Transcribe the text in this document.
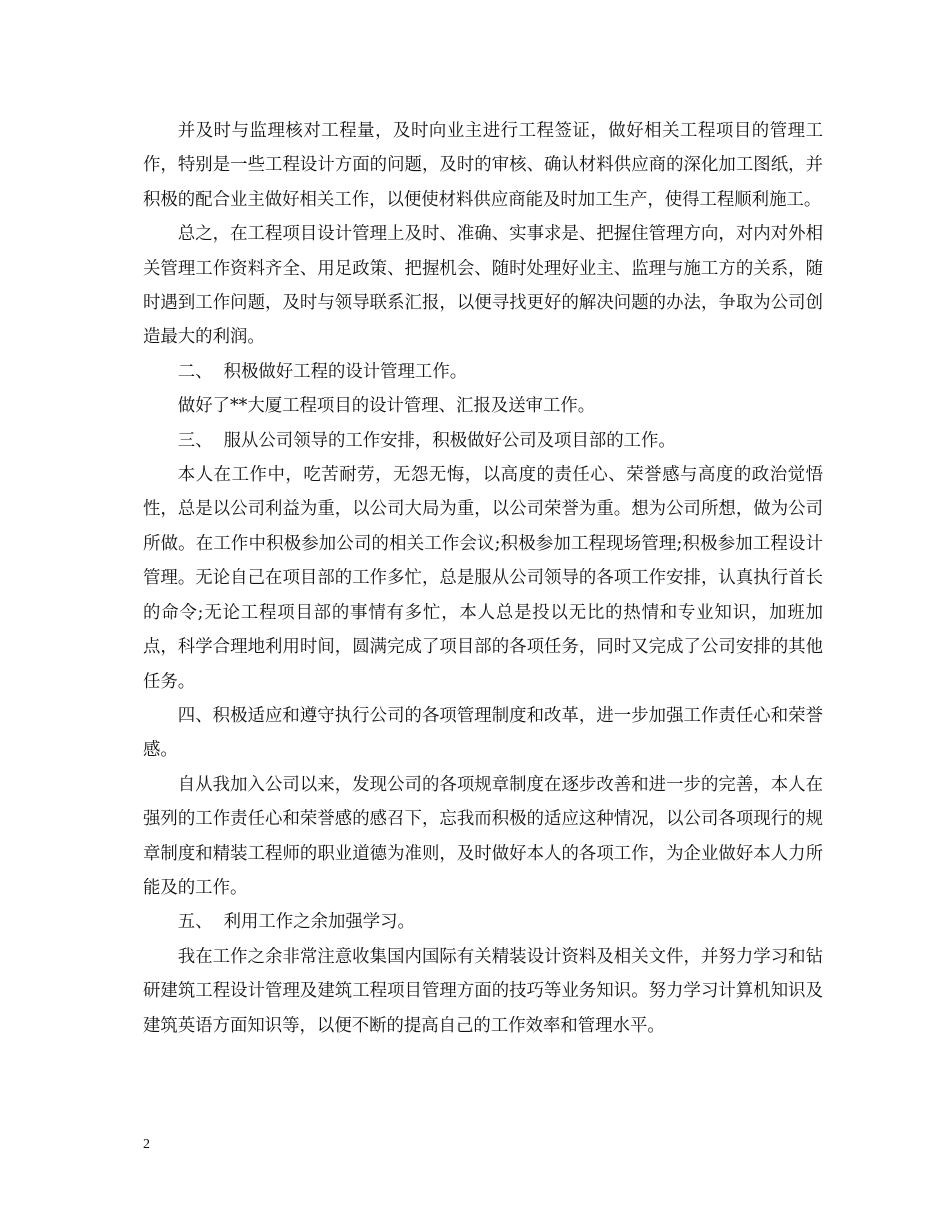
并及时与监理核对工程量，及时向业主进行工程签证，做好相关工程项目的管理工作，特别是一些工程设计方面的问题，及时的审核、确认材料供应商的深化加工图纸，并积极的配合业主做好相关工作，以便使材料供应商能及时加工生产，使得工程顺利施工。

总之，在工程项目设计管理上及时、准确、实事求是、把握住管理方向，对内对外相关管理工作资料齐全、用足政策、把握机会、随时处理好业主、监理与施工方的关系，随时遇到工作问题，及时与领导联系汇报，以便寻找更好的解决问题的办法，争取为公司创造最大的利润。

二、  积极做好工程的设计管理工作。

做好了**大厦工程项目的设计管理、汇报及送审工作。

三、  服从公司领导的工作安排，积极做好公司及项目部的工作。

本人在工作中，吃苦耐劳，无怨无悔，以高度的责任心、荣誉感与高度的政治觉悟性，总是以公司利益为重，以公司大局为重，以公司荣誉为重。想为公司所想，做为公司所做。在工作中积极参加公司的相关工作会议;积极参加工程现场管理;积极参加工程设计管理。无论自己在项目部的工作多忙，总是服从公司领导的各项工作安排，认真执行首长的命令;无论工程项目部的事情有多忙，本人总是投以无比的热情和专业知识，加班加点，科学合理地利用时间，圆满完成了项目部的各项任务，同时又完成了公司安排的其他任务。

四、积极适应和遵守执行公司的各项管理制度和改革，进一步加强工作责任心和荣誉感。

自从我加入公司以来，发现公司的各项规章制度在逐步改善和进一步的完善，本人在强列的工作责任心和荣誉感的感召下，忘我而积极的适应这种情况，以公司各项现行的规章制度和精装工程师的职业道德为准则，及时做好本人的各项工作，为企业做好本人力所能及的工作。

五、  利用工作之余加强学习。

我在工作之余非常注意收集国内国际有关精装设计资料及相关文件，并努力学习和钻研建筑工程设计管理及建筑工程项目管理方面的技巧等业务知识。努力学习计算机知识及建筑英语方面知识等，以便不断的提高自己的工作效率和管理水平。

2
